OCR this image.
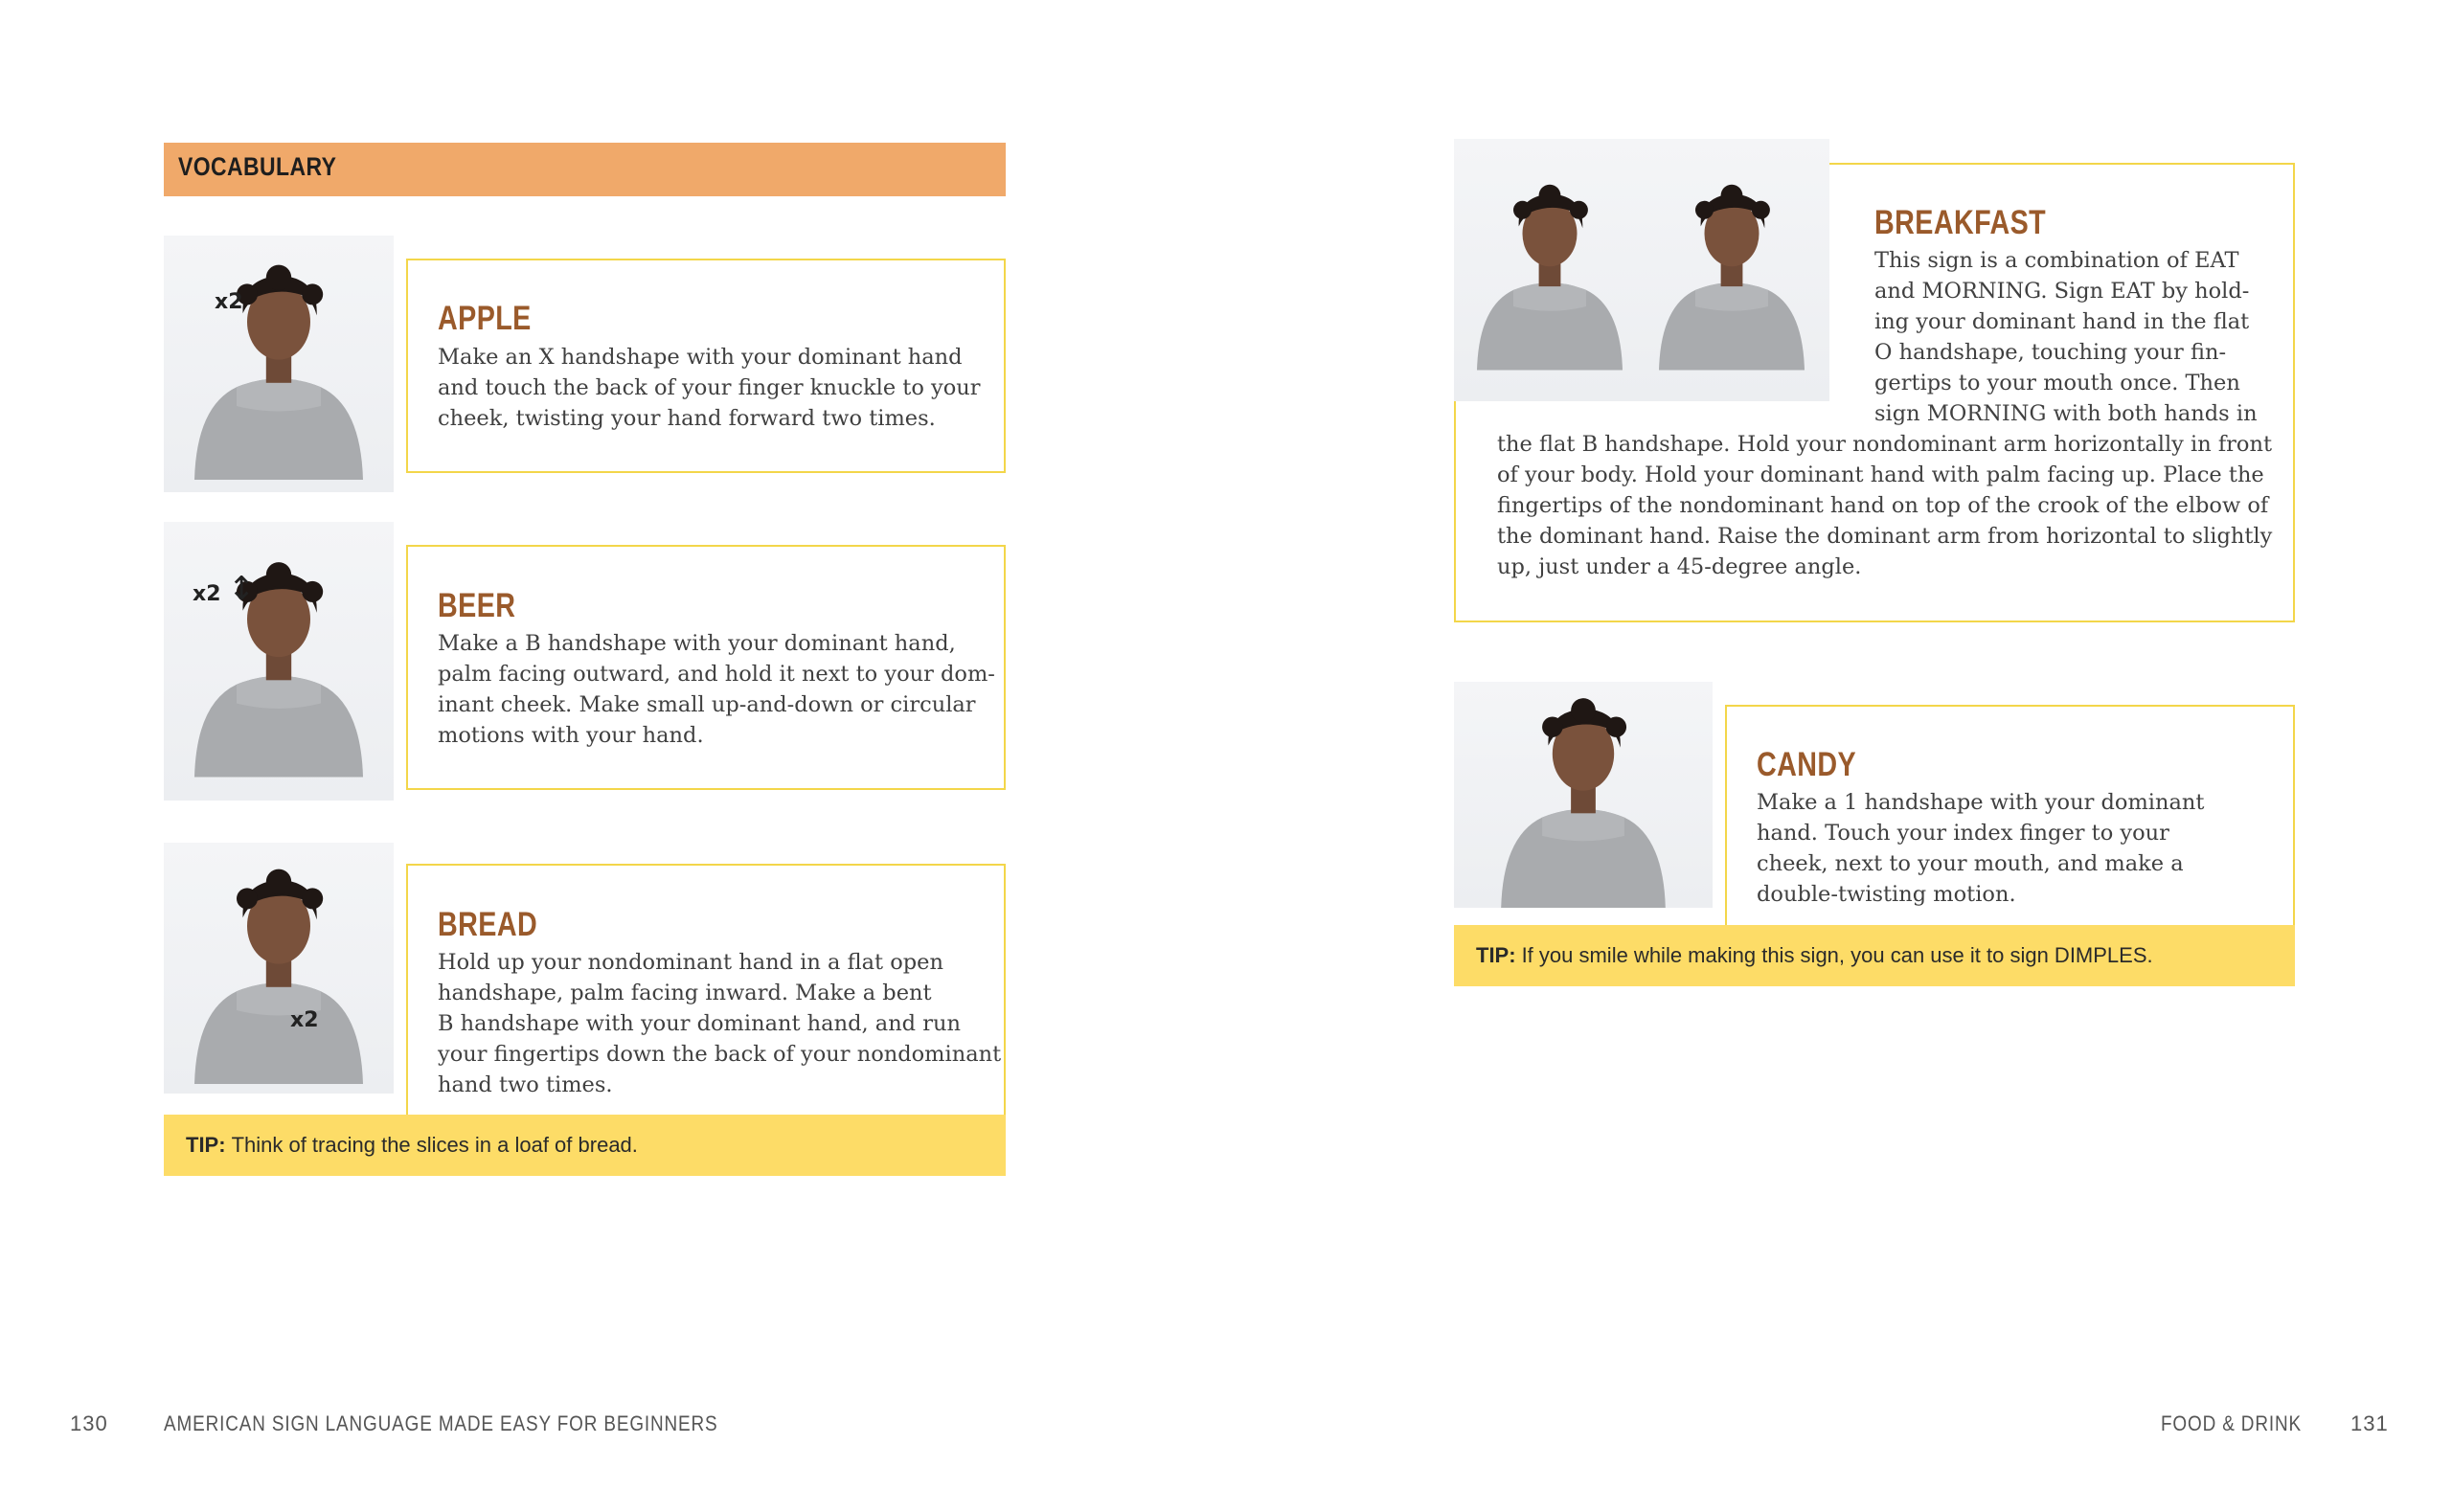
VOCABULARY
x2	APPLE
Make an X handshape with your dominant hand
and touch the back of your finger knuckle to your
cheek, twisting your hand forward two times.
x2 ↕	BEER
Make a B handshape with your dominant hand,
palm facing outward, and hold it next to your dom-
inant cheek. Make small up-and-down or circular
motions with your hand.
x2
BREAD
Hold up your nondominant hand in a flat open
handshape, palm facing inward. Make a bent
B handshape with your dominant hand, and run
your fingertips down the back of your nondominant
hand two times.
TIP: Think of tracing the slices in a loaf of bread.
BREAKFAST
This sign is a combination of EAT
and MORNING. Sign EAT by hold-
ing your dominant hand in the flat
O handshape, touching your fin-
gertips to your mouth once. Then
sign MORNING with both hands in
the flat B handshape. Hold your nondominant arm horizontally in front
of your body. Hold your dominant hand with palm facing up. Place the
fingertips of the nondominant hand on top of the crook of the elbow of
the dominant hand. Raise the dominant arm from horizontal to slightly
up, just under a 45-degree angle.
CANDY
Make a 1 handshape with your dominant
hand. Touch your index finger to your
cheek, next to your mouth, and make a
double-twisting motion.
TIP: If you smile while making this sign, you can use it to sign DIMPLES.
130	AMERICAN SIGN LANGUAGE MADE EASY FOR BEGINNERS	FOOD & DRINK 131
